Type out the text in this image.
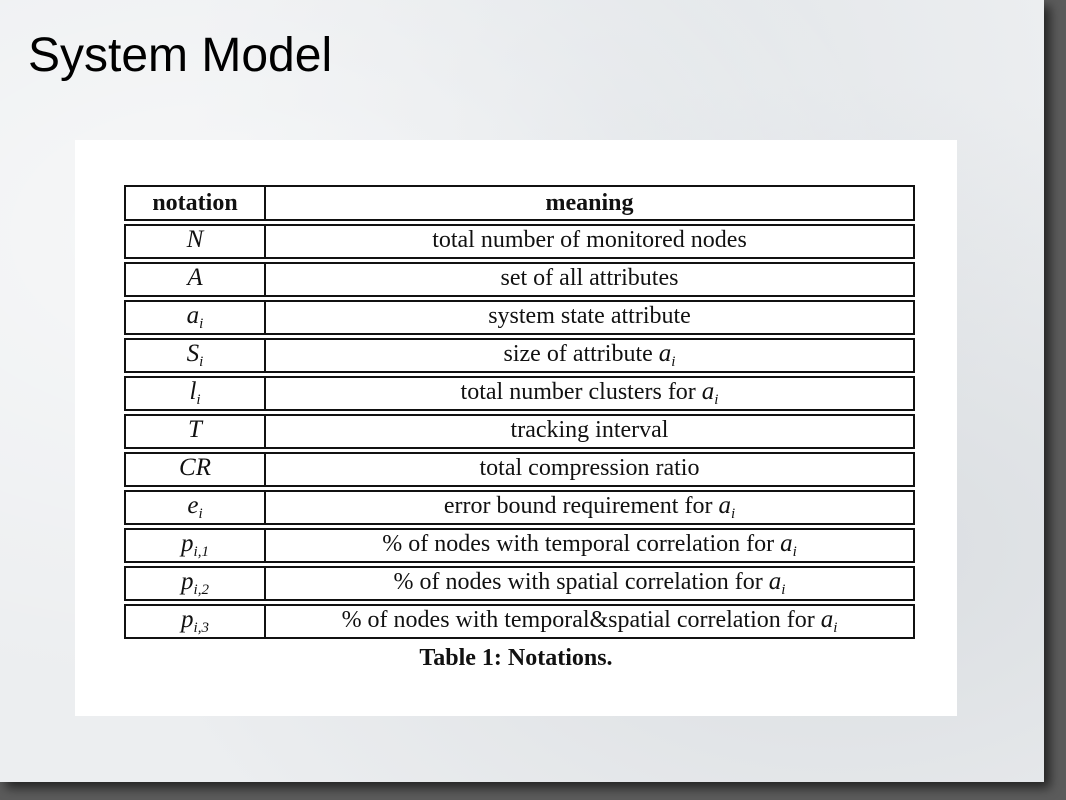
System Model
notation	meaning
N	total number of monitored nodes
A	set of all attributes
$a_i$	system state attribute
$S_i$	size of attribute $a_i$
$l_i$	total number clusters for $a_i$
T	tracking interval
CR	total compression ratio
$e_i$	error bound requirement for $a_i$
$p_{i,1}$	% of nodes with temporal correlation for $a_i$
$p_{i,2}$	% of nodes with spatial correlation for $a_i$
$p_{i,3}$	% of nodes with temporal&spatial correlation for $a_i$
Table 1: Notations.
